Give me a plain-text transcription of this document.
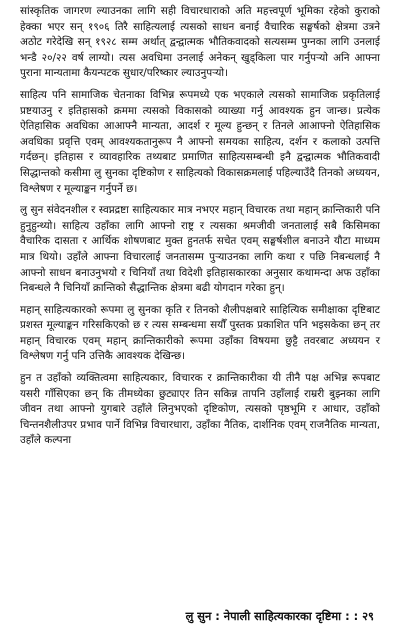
सांस्कृतिक जागरण ल्याउनका लागि सही विचारधाराको अति महत्त्वपूर्ण भूमिका रहेको कुराको हेक्का भएर सन् १९०६ तिरै साहित्यलाई त्यसको साधन बनाई वैचारिक सङ्घर्षको क्षेत्रमा उत्रने अठोट गरेदेखि सन् १९२८ सम्म अर्थात् द्वन्द्वात्मक भौतिकवादको सत्यसम्म पुग्नका लागि उनलाई भन्डै २०/२२ वर्ष लाग्यो। त्यस अवधिमा उनलाई अनेकन् खुड्किला पार गर्नुपर्‍यो अनि आफ्ना पुराना मान्यतामा कैयन्पटक सुधार/परिष्कार ल्याउनुपर्‍यो।

साहित्य पनि सामाजिक चेतनाका विभिन्न रूपमध्ये एक भएकाले त्यसको सामाजिक प्रकृतिलाई प्रष्टयाउनु र इतिहासको क्रममा त्यसको विकासको व्याख्या गर्नु आवश्यक हुन जान्छ। प्रत्येक ऐतिहासिक अवधिका आआफ्नै मान्यता, आदर्श र मूल्य हुन्छन् र तिनले आआफ्नो ऐतिहासिक अवधिका प्रवृत्ति एवम् आवश्यकतानुरूप नै आफ्नो समयका साहित्य, दर्शन र कलाको उत्पत्ति गर्दछन्। इतिहास र व्यावहारिक तथ्यबाट प्रमाणित साहित्यसम्बन्धी इनै द्वन्द्वात्मक भौतिकवादी सिद्धान्तको कसीमा लु सुनका दृष्टिकोण र साहित्यको विकासक्रमलाई पहिल्याउँदै तिनको अध्ययन, विश्लेषण र मूल्याङ्कन गर्नुपर्ने छ।

लु सुन संवेदनशील र स्वप्नद्रष्टा साहित्यकार मात्र नभएर महान् विचारक तथा महान् क्रान्तिकारी पनि हुनुहुन्थ्यो। साहित्य उहाँका लागि आफ्नो राष्ट्र र त्यसका श्रमजीवी जनतालाई सबै किसिमका वैचारिक दासता र आर्थिक शोषणबाट मुक्त हुनतर्फ सचेत एवम् सङ्घर्षशील बनाउने यौटा माध्यम मात्र थियो। उहाँले आफ्ना विचारलाई जनतासम्म पुऱ्याउनका लागि कथा र पछि निबन्धलाई नै आफ्नो साधन बनाउनुभयो र चिनियाँ तथा विदेशी इतिहासकारका अनुसार कथामन्दा अफ उहाँका निबन्धले नै चिनियाँ क्रान्तिको सैद्धान्तिक क्षेत्रमा बढी योगदान गरेका हुन्।

महान् साहित्यकारको रूपमा लु सुनका कृति र तिनको शैलीपक्षबारे साहित्यिक समीक्षाका दृष्टिबाट प्रशस्त मूल्याङ्कन गरिसकिएको छ र त्यस सम्बन्धमा सयौँ पुस्तक प्रकाशित पनि भइसकेका छन् तर महान् विचारक एवम् महान् क्रान्तिकारीको रूपमा उहाँका विषयमा छुट्टै तवरबाट अध्ययन र विश्लेषण गर्नु पनि उत्तिकै आवश्यक देखिन्छ।

हुन त उहाँको व्यक्तित्वमा साहित्यकार, विचारक र क्रान्तिकारीका यी तीनै पक्ष अभिन्न रूपबाट यसरी गाँसिएका छन् कि तीमध्येका छुट्याएर तिन सकिन्न तापनि उहाँलाई राम्ररी बुझ्नका लागि जीवन तथा आफ्नो युगबारे उहाँले लिनुभएको दृष्टिकोण, त्यसको पृष्ठभूमि र आधार, उहाँको चिन्तनशैलीउपर प्रभाव पार्ने विभिन्न विचारधारा, उहाँका नैतिक, दार्शनिक एवम् राजनैतिक मान्यता, उहाँले कल्पना

लु सुन : नेपाली साहित्यकारका दृष्टिमा : : २९
